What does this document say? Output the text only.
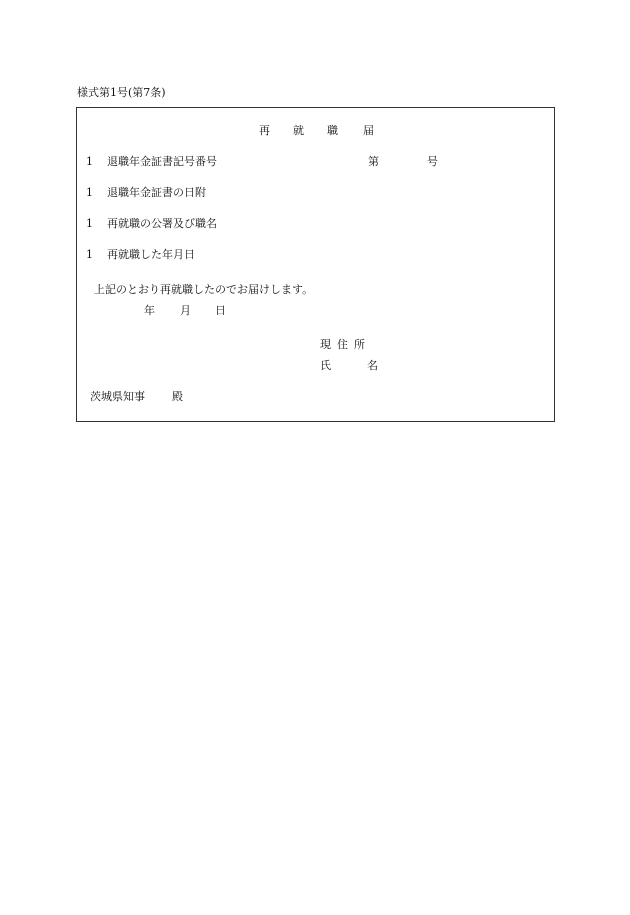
様式第1号(第7条)
再 就 職 届
1 退職年金証書記号番号	第	号
1 退職年金証書の日附
1 再就職の公署及び職名
1 再就職した年月日
上記のとおり再就職したのでお届けします。
年 月 日
現住所
氏	名
茨城県知事 殿
